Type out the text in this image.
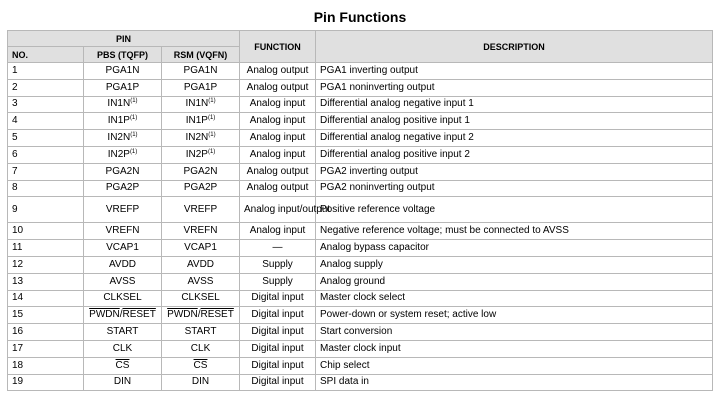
Pin Functions
PIN			FUNCTION	DESCRIPTION
NO.	PBS (TQFP)	RSM (VQFN)		
1	PGA1N	PGA1N	Analog output	PGA1 inverting output
2	PGA1P	PGA1P	Analog output	PGA1 noninverting output
3	$IN1N^{(1)}$	$IN1N^{(1)}$	Analog input	Differential analog negative input 1
4	$IN1P^{(1)}$	$IN1P^{(1)}$	Analog input	Differential analog positive input 1
5	$IN2N^{(1)}$	$IN2N^{(1)}$	Analog input	Differential analog negative input 2
6	$IN2P^{(1)}$	$IN2P^{(1)}$	Analog input	Differential analog positive input 2
7	PGA2N	PGA2N	Analog output	PGA2 inverting output
8	PGA2P	PGA2P	Analog output	PGA2 noninverting output
9	VREFP	VREFP	Analog input/output	Positive reference voltage
10	VREFN	VREFN	Analog input	Negative reference voltage; must be connected to AVSS
11	VCAP1	VCAP1	—	Analog bypass capacitor
12	AVDD	AVDD	Supply	Analog supply
13	AVSS	AVSS	Supply	Analog ground
14	CLKSEL	CLKSEL	Digital input	Master clock select
15	PWDN/RESET	PWDN/RESET	Digital input	Power-down or system reset; active low
16	START	START	Digital input	Start conversion
17	CLK	CLK	Digital input	Master clock input
18	$\overline{CS}$	$\overline{CS}$	Digital input	Chip select
19	DIN	DIN	Digital input	SPI data in
